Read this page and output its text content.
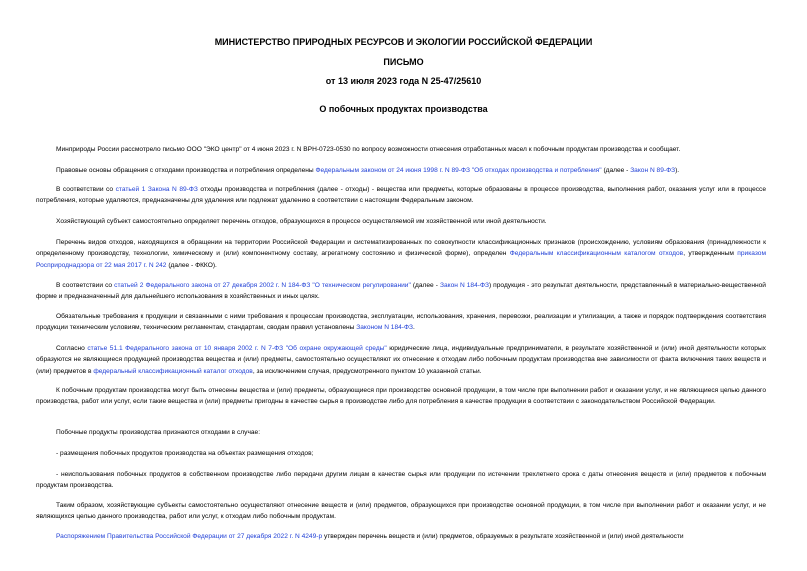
МИНИСТЕРСТВО ПРИРОДНЫХ РЕСУРСОВ И ЭКОЛОГИИ РОССИЙСКОЙ ФЕДЕРАЦИИ
ПИСЬМО
от 13 июля 2023 года N 25-47/25610
О побочных продуктах производства

Минприроды России рассмотрело письмо ООО "ЭКО центр" от 4 июня 2023 г. N ВРН-0723-0530 по вопросу возможности отнесения отработанных масел к побочным продуктам производства и сообщает.

Правовые основы обращения с отходами производства и потребления определены Федеральным законом от 24 июня 1998 г. N 89-ФЗ "Об отходах производства и потребления" (далее - Закон N 89-ФЗ).

В соответствии со статьей 1 Закона N 89-ФЗ отходы производства и потребления (далее - отходы) - вещества или предметы, которые образованы в процессе производства, выполнения работ, оказания услуг или в процессе потребления, которые удаляются, предназначены для удаления или подлежат удалению в соответствии с настоящим Федеральным законом.

Хозяйствующий субъект самостоятельно определяет перечень отходов, образующихся в процессе осуществляемой им хозяйственной или иной деятельности.

Перечень видов отходов, находящихся в обращении на территории Российской Федерации и систематизированных по совокупности классификационных признаков (происхождению, условиям образования (принадлежности к определенному производству, технологии, химическому и (или) компонентному составу, агрегатному состоянию и физической форме), определен Федеральным классификационным каталогом отходов, утвержденным приказом Росприроднадзора от 22 мая 2017 г. N 242 (далее - ФККО).

В соответствии со статьей 2 Федерального закона от 27 декабря 2002 г. N 184-ФЗ "О техническом регулировании" (далее - Закон N 184-ФЗ) продукция - это результат деятельности, представленный в материально-вещественной форме и предназначенный для дальнейшего использования в хозяйственных и иных целях.

Обязательные требования к продукции и связанными с ними требования к процессам производства, эксплуатации, использования, хранения, перевозки, реализации и утилизации, а также и порядок подтверждения соответствия продукции техническим условиям, техническим регламентам, стандартам, сводам правил установлены Законом N 184-ФЗ.

Согласно статье 51.1 Федерального закона от 10 января 2002 г. N 7-ФЗ "Об охране окружающей среды" юридические лица, индивидуальные предприниматели, в результате хозяйственной и (или) иной деятельности которых образуются не являющиеся продукцией производства вещества и (или) предметы, самостоятельно осуществляют их отнесение к отходам либо побочным продуктам производства вне зависимости от факта включения таких веществ и (или) предметов в федеральный классификационный каталог отходов, за исключением случая, предусмотренного пунктом 10 указанной статьи.

К побочным продуктам производства могут быть отнесены вещества и (или) предметы, образующиеся при производстве основной продукции, в том числе при выполнении работ и оказании услуг, и не являющиеся целью данного производства, работ или услуг, если такие вещества и (или) предметы пригодны в качестве сырья в производстве либо для потребления в качестве продукции в соответствии с законодательством Российской Федерации.

Побочные продукты производства признаются отходами в случае:

- размещения побочных продуктов производства на объектах размещения отходов;

- неиспользования побочных продуктов в собственном производстве либо передачи другим лицам в качестве сырья или продукции по истечении трехлетнего срока с даты отнесения веществ и (или) предметов к побочным продуктам производства.

Таким образом, хозяйствующие субъекты самостоятельно осуществляют отнесение веществ и (или) предметов, образующихся при производстве основной продукции, в том числе при выполнении работ и оказании услуг, и не являющихся целью данного производства, работ или услуг, к отходам либо побочным продуктам.

Распоряжением Правительства Российской Федерации от 27 декабря 2022 г. N 4249-р утвержден перечень веществ и (или) предметов, образуемых в результате хозяйственной и (или) иной деятельности
